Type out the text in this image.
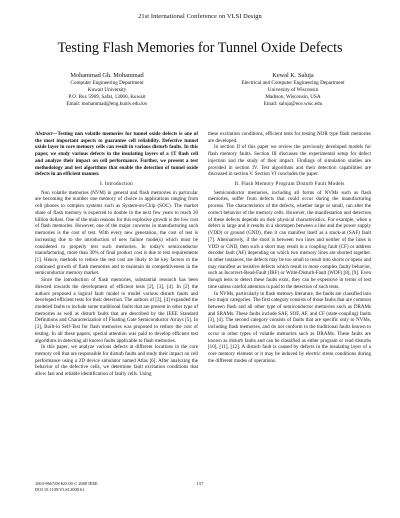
21st International Conference on VLSI Design
Testing Flash Memories for Tunnel Oxide Defects
Mohammad Gh. Mohammad
Computer Engineering Department
Kuwait University
P.O. Box 5969, Safat, 13060, Kuwait
Email: mohammad@eng.kuniv.edu.kw
Kewal K. Saluja
Electrical and Computer Engineering Department
University of Wisconsin
Madison, Wisconsin, USA
Email: saluja@ece.wisc.edu

Abstract—Testing non volatile memories for tunnel oxide defects is one of the most important aspects to guarantee cell reliability. Defective tunnel oxide layer in core memory cells can result in various disturb faults. In this paper, we study various defects in the insulating layers of a 1T flash cell and analyze their impact on cell performance. Further, we present a test methodology and test algorithms that enable the detection of tunnel oxide defects in an efficient manner.

I. Introduction

Non volatile memories (NVM) in general and flash memories in particular are becoming the number one memory of choice in applications ranging from cell phones to complex systems such as System-on-Chip (SOC). The market share of flash memory is expected to double in the next few years to reach 20 billion dollars. One of the main reasons for this explosive growth is the low cost of flash memories. However, one of the major concerns in manufacturing such memories is the cost of test. With every new generation, the cost of test is increasing due to the introduction of new failure mode(s) which must be considered to properly test such memories. In today's semiconductor manufacturing, more than 30% of final product cost is due to test requirements [1]. Hence, methods to reduce the test cost are likely to be key factors in the continued growth of flash memories and to maintain its competitiveness in the semiconductor memory market.

Since the introduction of flash memories, substantial research has been directed towards the development of efficient tests [2], [3], [4]. In [2] the authors proposed a logical fault model to model various disturb faults and developed efficient tests for their detection. The authors of [3], [4] expanded the modeled faults to include some traditional faults that are present in other type of memories as well as disturb faults that are described by the IEEE Standard Definitions and Characterization of Floating Gate Semiconductor Arrays [5]. In [3], Built-in Self-Test for flash memories was proposed to reduce the cost of testing. In all these papers, special attention was paid to develop efficient test algorithms in detecting all known faults applicable to flash memories.

In this paper, we analyze various defects at different locations in the core memory cell that are responsible for disturb faults and study their impact on cell performance using a 2D device simulator named Atlas [6]. After analyzing the behavior of the defective cells, we determine fault excitation conditions that allow fast and reliable identification of faulty cells. Using

these excitation conditions, efficient tests for testing NOR type flash memories are developed.

In section II of this paper we review the previously developed models for flash memory faults. Section III discusses the experimental setup for defect injection and the study of their impact. Findings of simulation studies are provided in section IV. Test algorithms and their detection capabilities are discussed in section V. Section VI concludes the paper.

II. Flash Memory Program Disturb Fault Models

Semiconductor memories, including all forms of NVMs such as flash memories, suffer from defects that could occur during the manufacturing process. The characteristics of the defects, whether large or small, can alter the correct behavior of the memory cells. However, the manifestation and detection of these defects depends on their physical characteristics. For example, when a defect is large and it results in a shortopen between a line and the power supply (VDD) or ground (GND), then it can manifest itself as a stuck-at (SAF) fault [7]. Alternatively, if the short is between two lines and neither of the lines is VDD or GND, then such a short may result in a coupling fault (CF) or address decoder fault (AF) depending on which two memory lines are shorted together. In other instances, the defects may be too small to result into shorts or opens and may manifest as resistive defects which result in more complex faulty behavior, such as Incorrect-Read-Fault (IRF) or Write-Disturb-Fault (WDF) [8], [9]. Even though tests to detect these faults exist, they can be expensive in terms of test time unless careful attention is paid to the detection of such tests.

In NVMs, particularly in flash memory literature, the faults are classified into two major categories. The first category consists of those faults that are common between flash and all other type of semiconductor memories such as DRAMs and SRAMs. These faults include SAF, SOF, AF, and CF (state-coupling) faults [3], [4]. The second category consists of faults that are specific only to NVMs, including flash memories, and do not conform to the traditional faults known to occur in other types of volatile memories such as DRAMs. These faults are known as disturb faults and can be classified as either program or read disturbs [10], [11], [12]. A disturb fault is caused by defects in the insulating layer of a core memory element or it may be induced by electric stress conditions during the different modes of operations.

1063-9667/08 $25.00 © 2008 IEEE
DOI 10.1109/VLSI.2008.61
157
